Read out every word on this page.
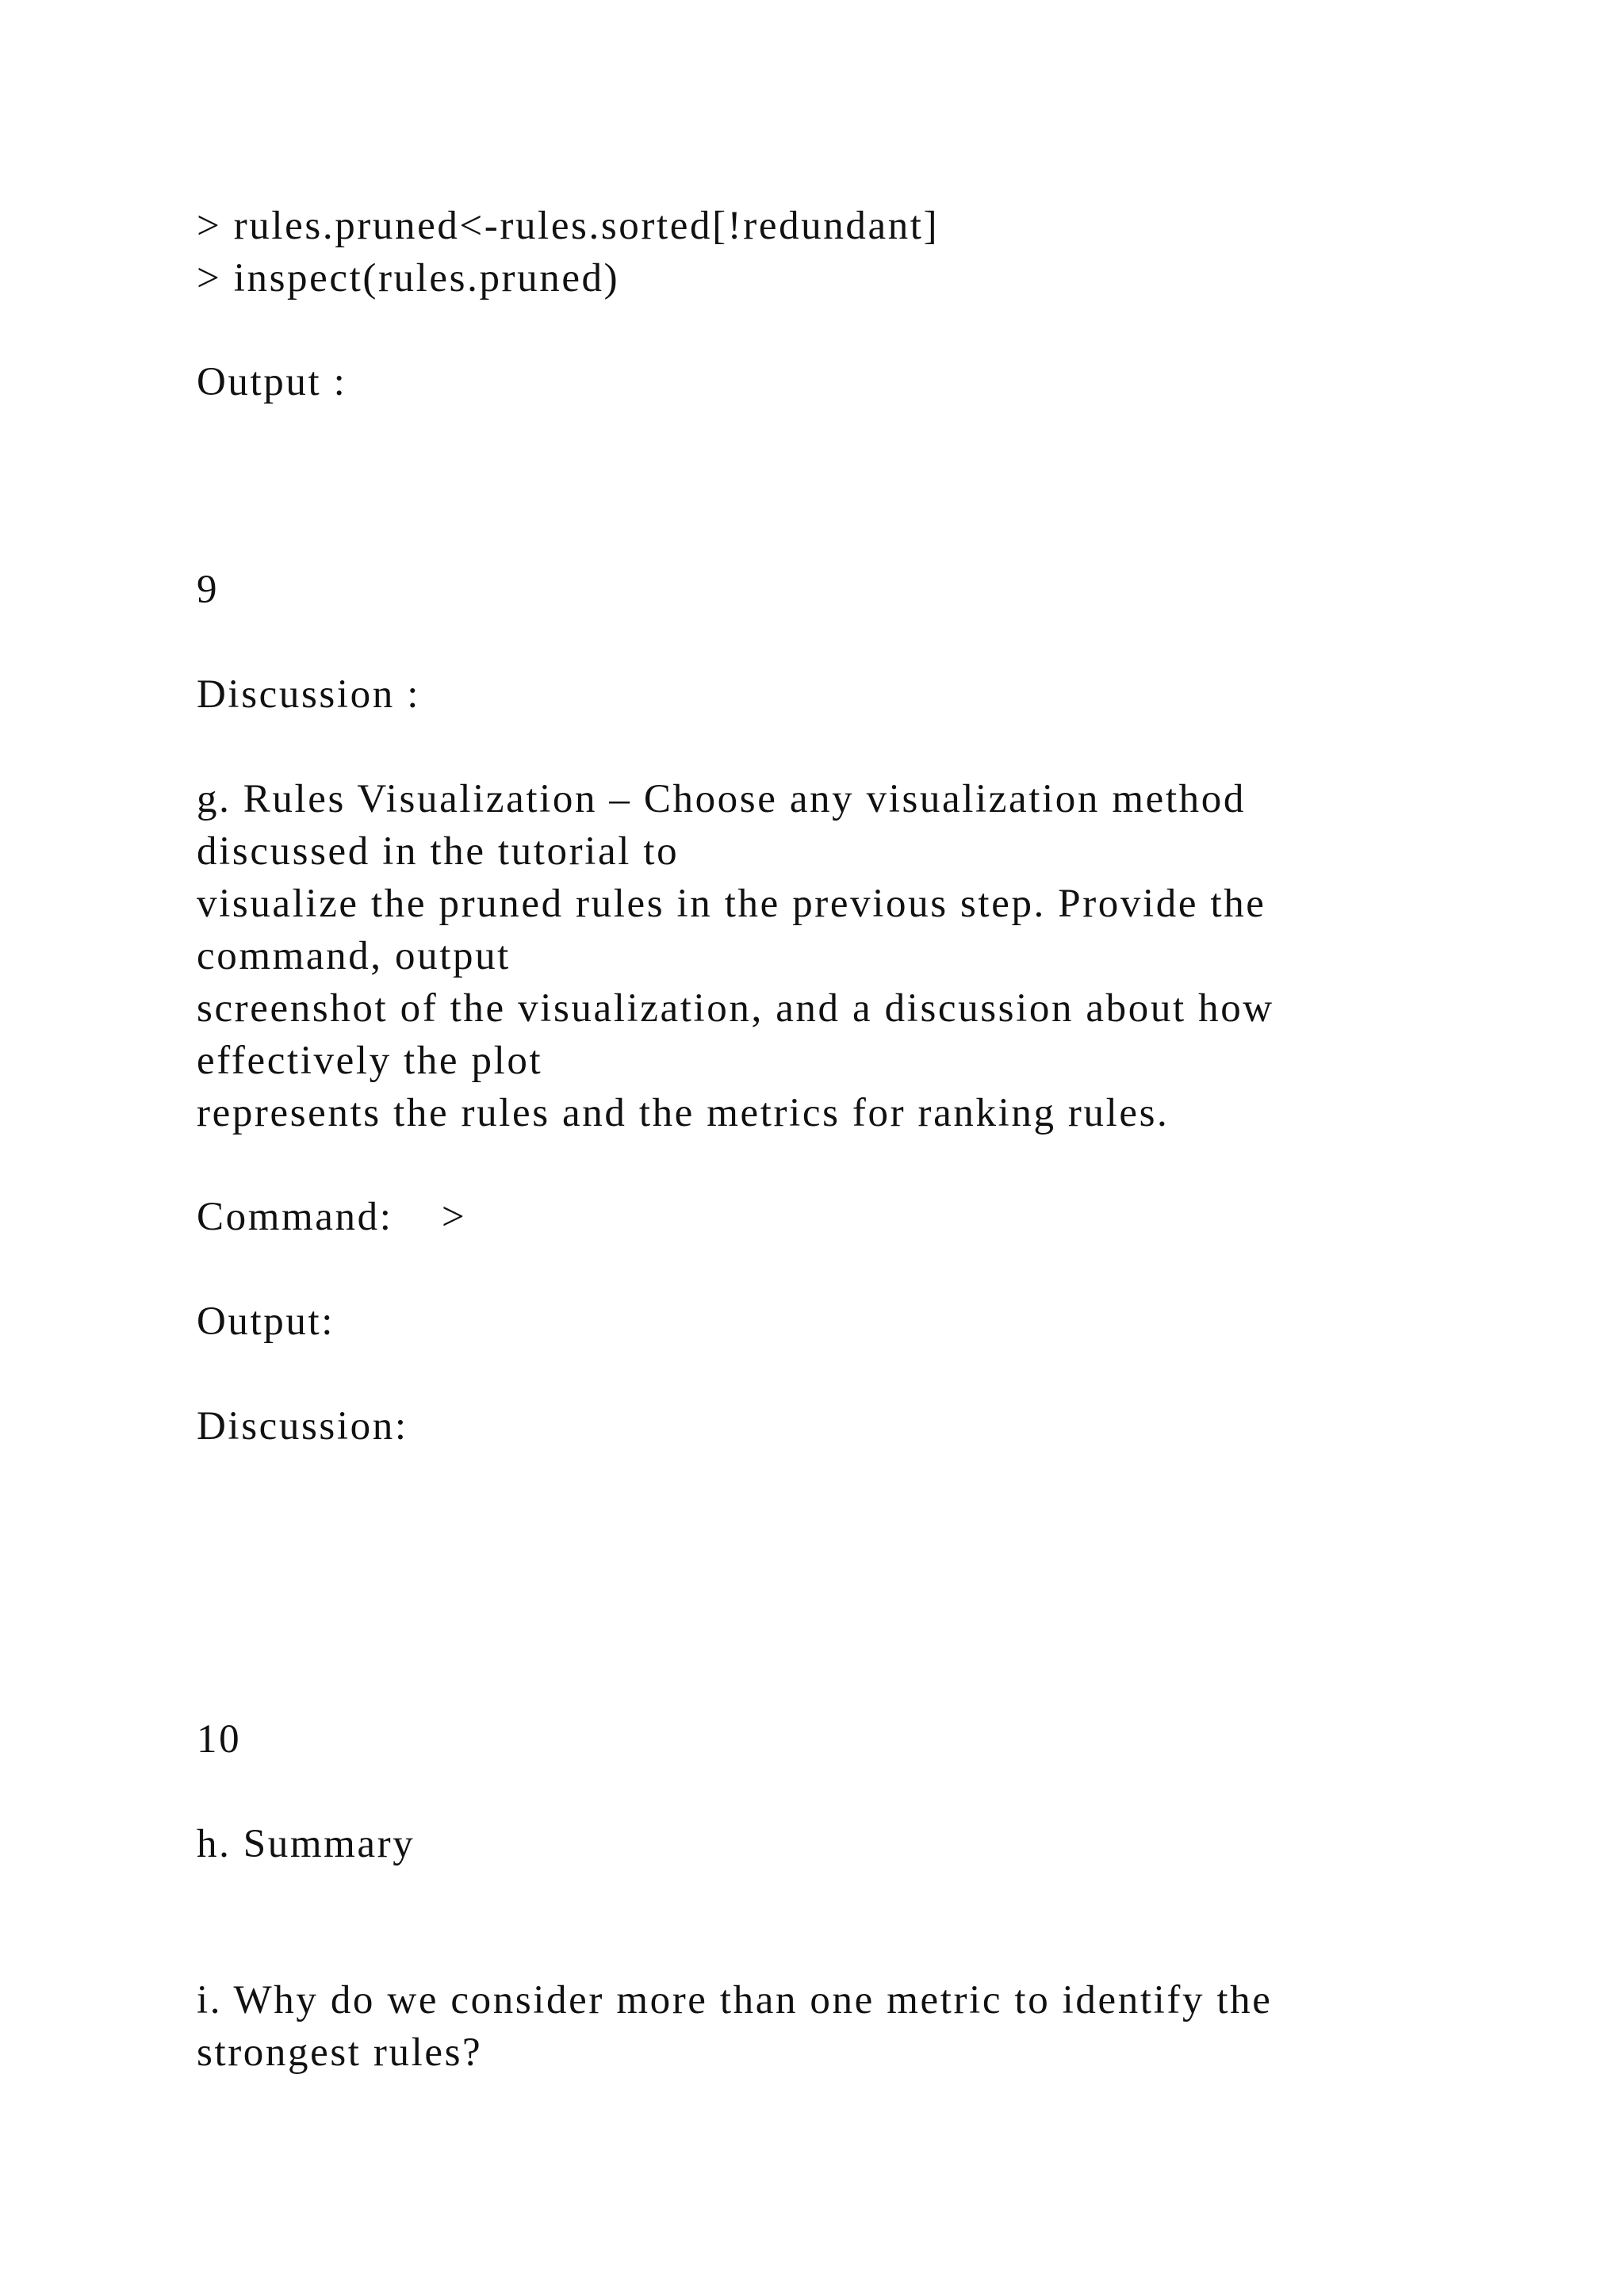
> rules.pruned<-rules.sorted[!redundant]

> inspect(rules.pruned)

Output :

9

Discussion :

g. Rules Visualization – Choose any visualization method

discussed in the tutorial to

visualize the pruned rules in the previous step. Provide the

command, output

screenshot of the visualization, and a discussion about how

effectively the plot

represents the rules and the metrics for ranking rules.

Command:    >

Output:

Discussion:

10

h. Summary

i. Why do we consider more than one metric to identify the

strongest rules?
